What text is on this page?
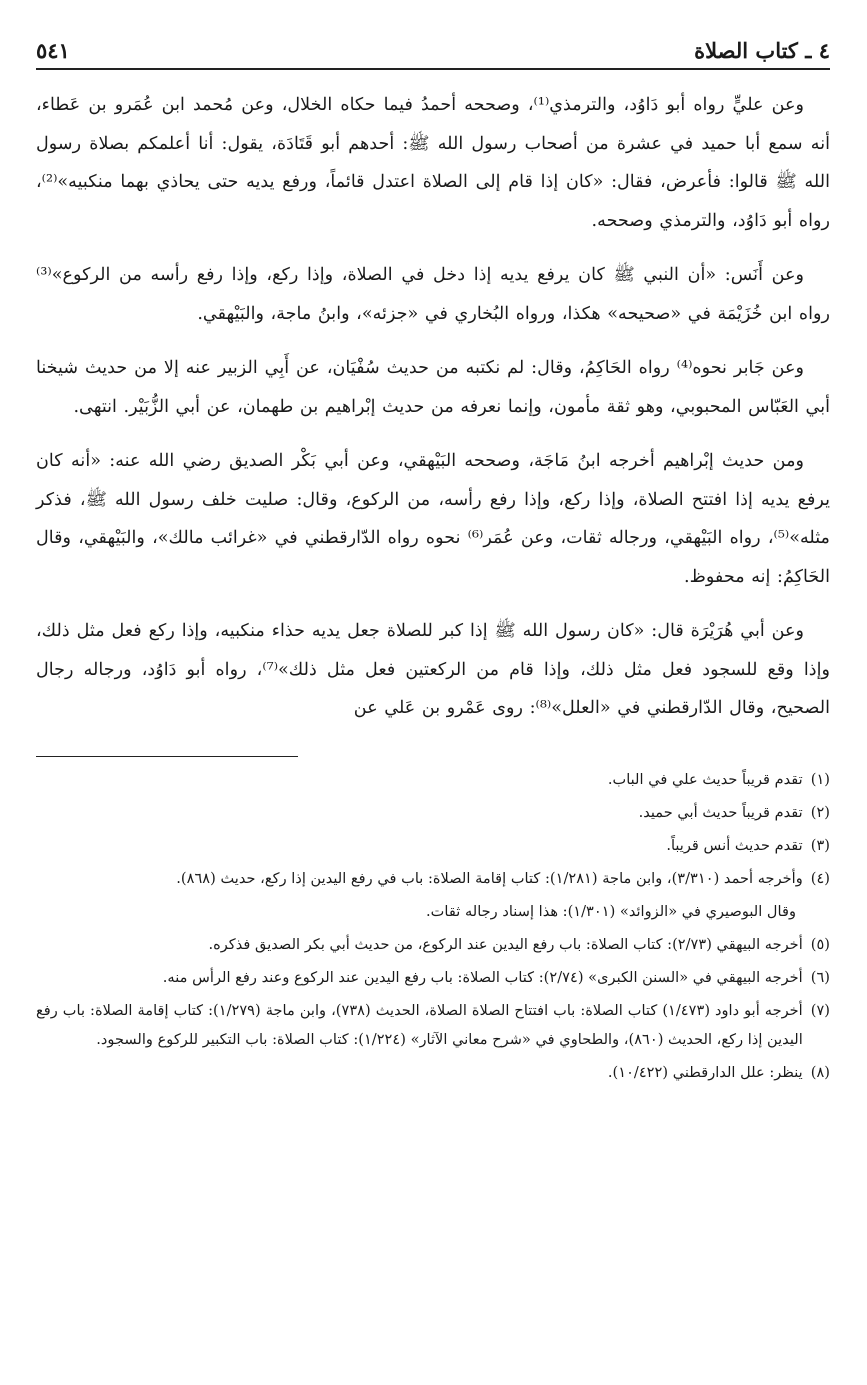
٤ ـ كتاب الصلاة
٥٤١

وعن عليٍّ رواه أبو دَاوُد، والترمذي⁽¹⁾، وصححه أحمدُ فيما حكاه الخلال، وعن مُحمد ابن عُمَرو بن عَطاء، أنه سمع أبا حميد في عشرة من أصحاب رسول الله ﷺ: أحدهم أبو قَتَادَة، يقول: أنا أعلمكم بصلاة رسول الله ﷺ قالوا: فأعرض، فقال: «كان إذا قام إلى الصلاة اعتدل قائماً، ورفع يديه حتى يحاذي بهما منكبيه»⁽²⁾، رواه أبو دَاوُد، والترمذي وصححه.

وعن أَنَس: «أن النبي ﷺ كان يرفع يديه إذا دخل في الصلاة، وإذا ركع، وإذا رفع رأسه من الركوع»⁽³⁾ رواه ابن خُزَيْمَة في «صحيحه» هكذا، ورواه البُخاري في «جزئه»، وابنُ ماجة، والبَيْهقي.

وعن جَابر نحوه⁽⁴⁾ رواه الحَاكِمُ، وقال: لم نكتبه من حديث سُفْيَان، عن أَبِي الزبير عنه إلا من حديث شيخنا أبي العَبّاس المحبوبي، وهو ثقة مأمون، وإنما نعرفه من حديث إبْراهيم بن طهمان، عن أبي الزُّبَيْر. انتهى.

ومن حديث إبْراهيم أخرجه ابنُ مَاجَة، وصححه البَيْهقي، وعن أبي بَكْر الصديق رضي الله عنه: «أنه كان يرفع يديه إذا افتتح الصلاة، وإذا ركع، وإذا رفع رأسه، من الركوع، وقال: صليت خلف رسول الله ﷺ، فذكر مثله»⁽⁵⁾، رواه البَيْهقي، ورجاله ثقات، وعن عُمَر⁽⁶⁾ نحوه رواه الدّارقطني في «غرائب مالك»، والبَيْهقي، وقال الحَاكِمُ: إنه محفوظ.

وعن أبي هُرَيْرَة قال: «كان رسول الله ﷺ إذا كبر للصلاة جعل يديه حذاء منكبيه، وإذا ركع فعل مثل ذلك، وإذا وقع للسجود فعل مثل ذلك، وإذا قام من الركعتين فعل مثل ذلك»⁽⁷⁾، رواه أبو دَاوُد، ورجاله رجال الصحيح، وقال الدّارقطني في «العلل»⁽⁸⁾: روى عَمْرو بن عَلي عن

(١)
تقدم قريباً حديث علي في الباب.
(٢)
تقدم قريباً حديث أبي حميد.
(٣)
تقدم حديث أنس قريباً.
(٤)
وأخرجه أحمد (٣/٣١٠)، وابن ماجة (١/٢٨١): كتاب إقامة الصلاة: باب في رفع اليدين إذا ركع، حديث (٨٦٨).
وقال البوصيري في «الزوائد» (١/٣٠١): هذا إسناد رجاله ثقات.
(٥)
أخرجه البيهقي (٢/٧٣): كتاب الصلاة: باب رفع اليدين عند الركوع، من حديث أبي بكر الصديق فذكره.
(٦)
أخرجه البيهقي في «السنن الكبرى» (٢/٧٤): كتاب الصلاة: باب رفع اليدين عند الركوع وعند رفع الرأس منه.
(٧)
أخرجه أبو داود (١/٤٧٣) كتاب الصلاة: باب افتتاح الصلاة الصلاة، الحديث (٧٣٨)، وابن ماجة (١/٢٧٩): كتاب إقامة الصلاة: باب رفع اليدين إذا ركع، الحديث (٨٦٠)، والطحاوي في «شرح معاني الآثار» (١/٢٢٤): كتاب الصلاة: باب التكبير للركوع والسجود.
(٨)
ينظر: علل الدارقطني (١٠/٤٢٢).
